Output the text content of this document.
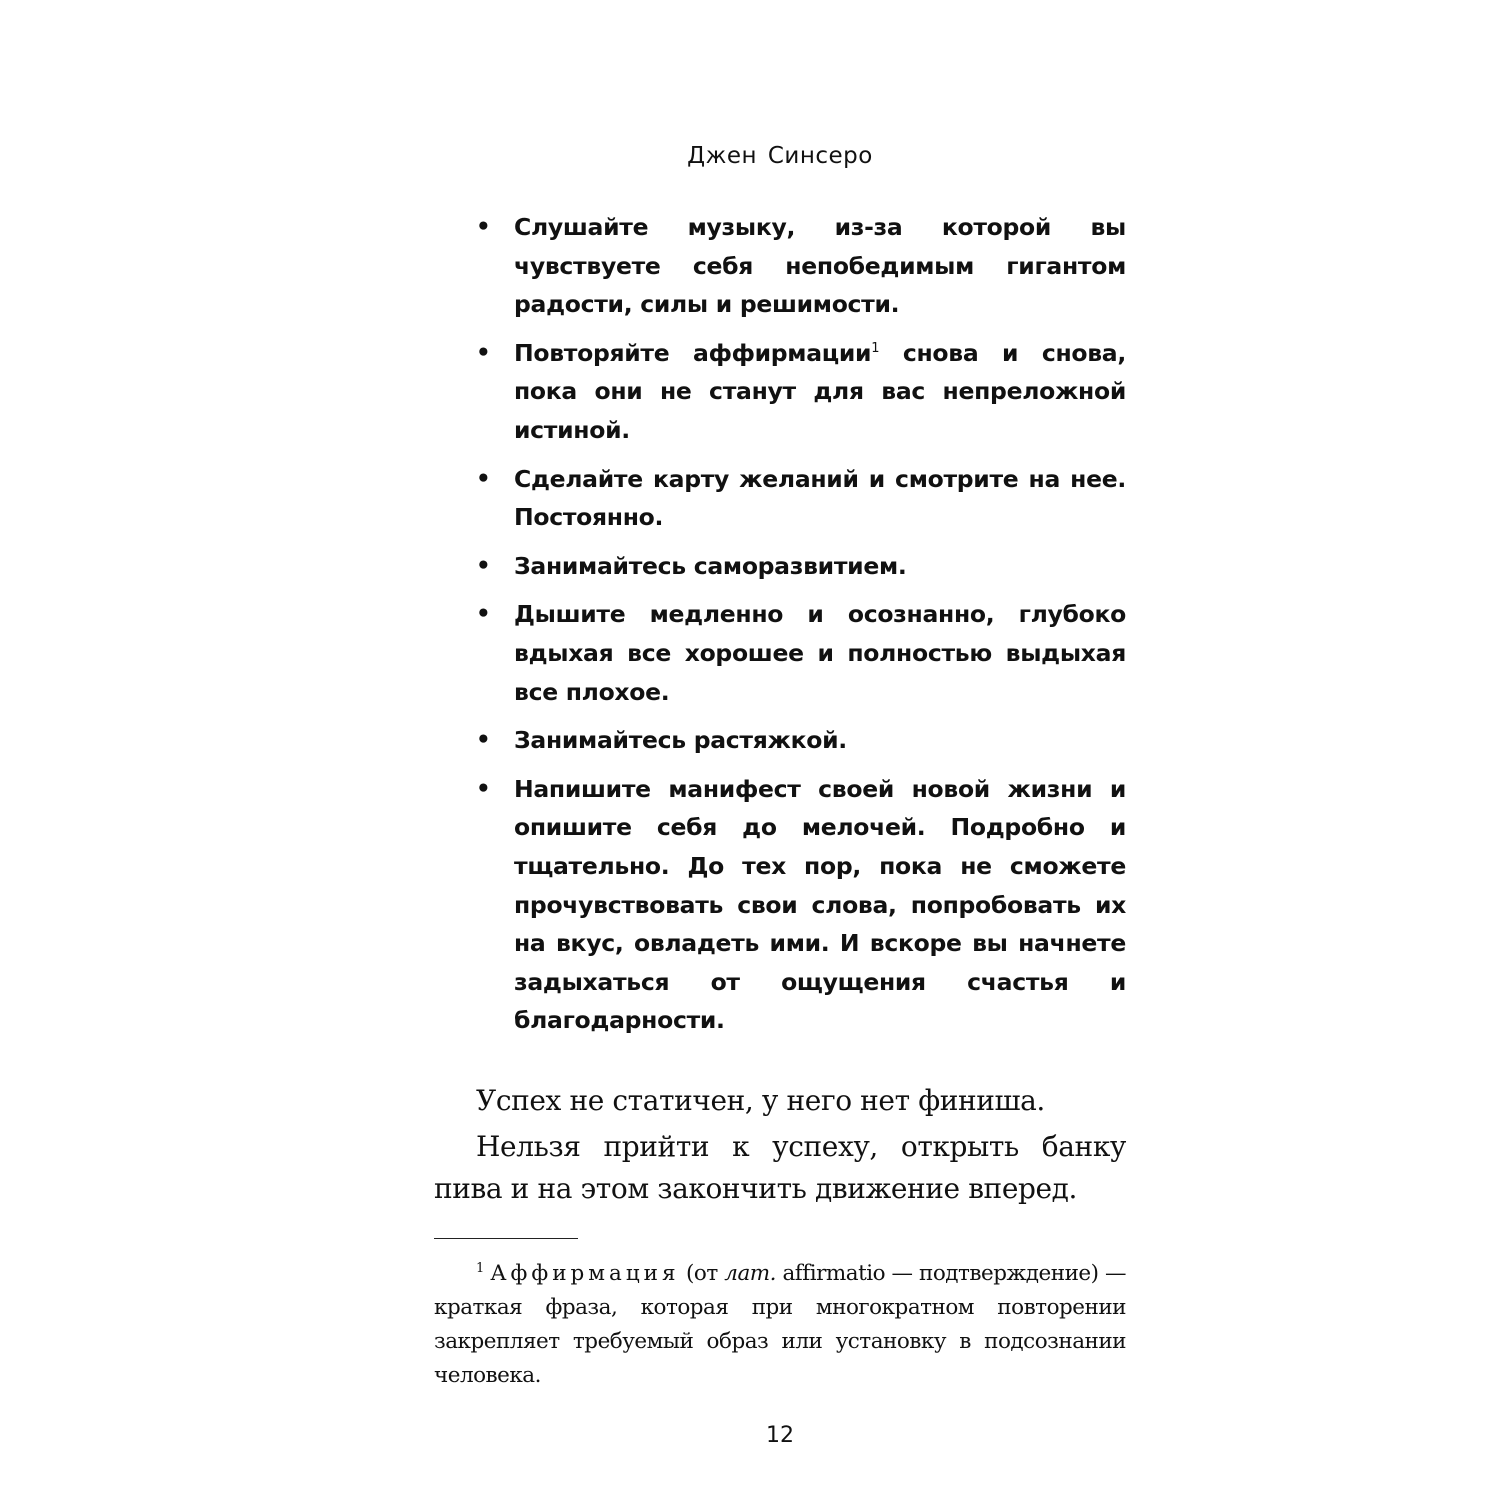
Джен Синсеро
• Слушайте музыку, из-за которой вы чувствуете себя непобедимым гигантом радости, силы и решимости.
• Повторяйте аффирмации$^1$ снова и снова, пока они не станут для вас непреложной истиной.
• Сделайте карту желаний и смотрите на нее. Постоянно.
• Занимайтесь саморазвитием.
• Дышите медленно и осознанно, глубоко вдыхая все хорошее и полностью выдыхая все плохое.
• Занимайтесь растяжкой.
• Напишите манифест своей новой жизни и опишите себя до мелочей. Подробно и тщательно. До тех пор, пока не сможете прочувствовать свои слова, попробовать их на вкус, овладеть ими. И вскоре вы начнете задыхаться от ощущения счастья и благодарности.

Успех не статичен, у него нет финиша.

Нельзя прийти к успеху, открыть банку пива и на этом закончить движение вперед.

$^1$ Аффирмация (от лат. affirmatio — подтверждение) — краткая фраза, которая при многократном повторении закрепляет требуемый образ или установку в подсознании человека.
12
